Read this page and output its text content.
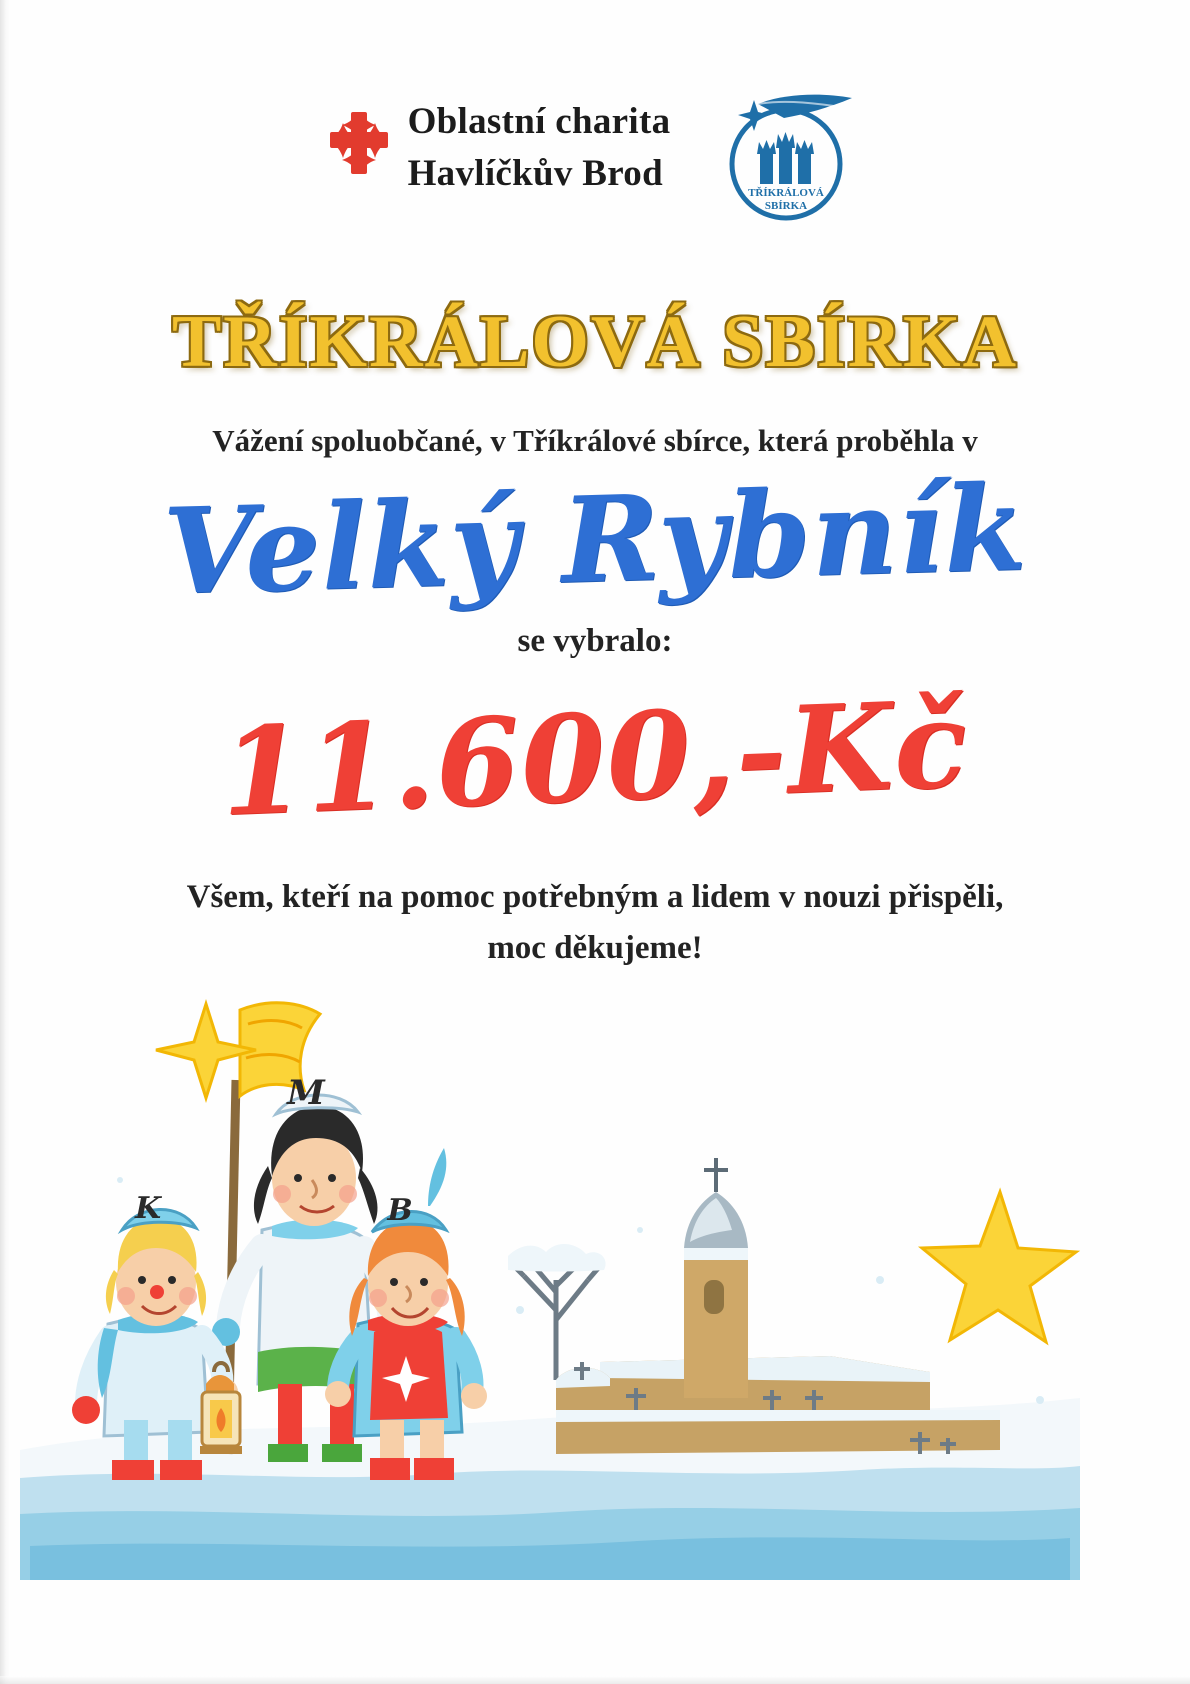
Oblastní charita
Havlíčkův Brod	TŘÍKRÁLOVÁ
SBÍRKA
TŘÍKRÁLOVÁ SBÍRKA
Vážení spoluobčané, v Tříkrálové sbírce, která proběhla v
Velký Rybník
se vybralo:
11.600,-Kč
Všem, kteří na pomoc potřebným a lidem v nouzi přispěli,
moc děkujeme!
M
K	B
